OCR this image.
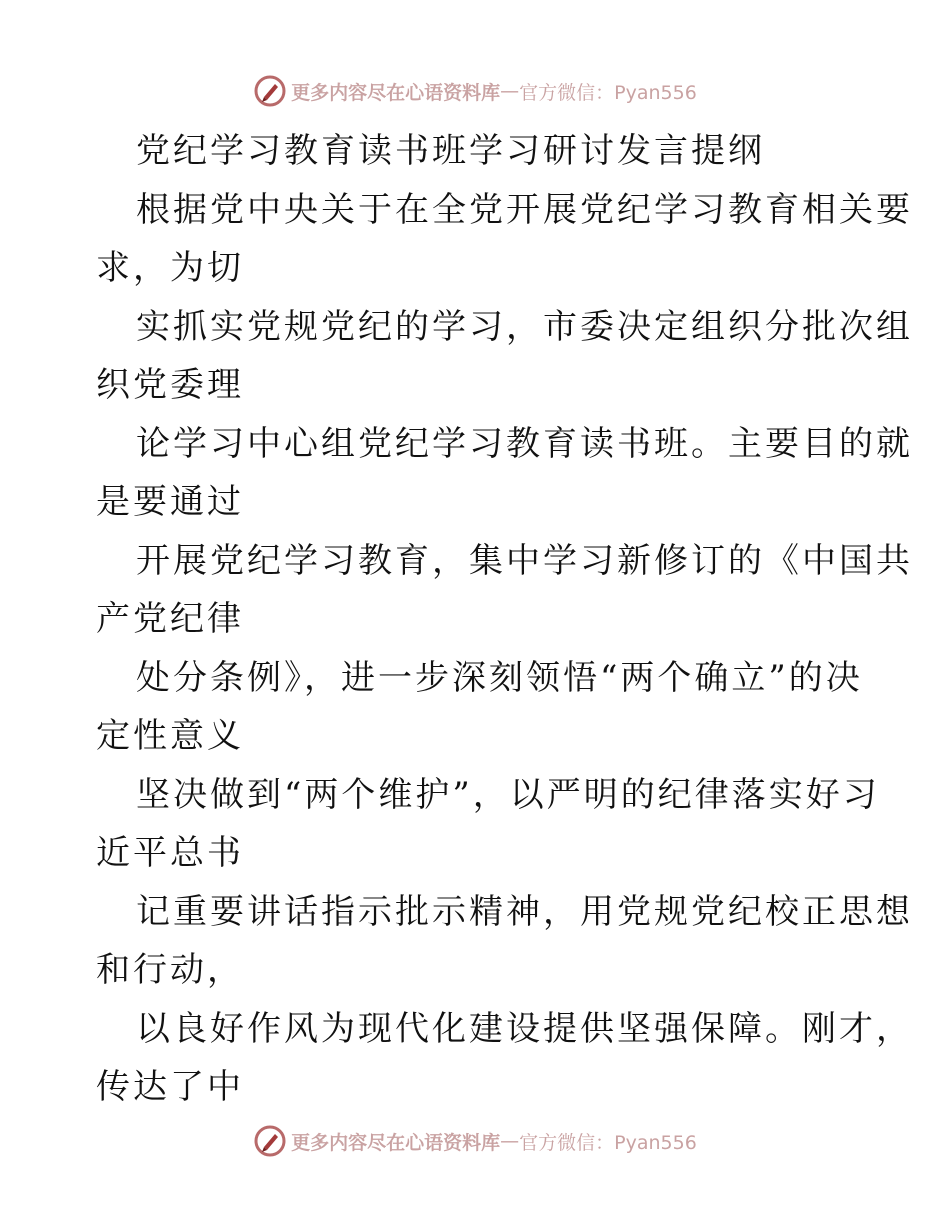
更多内容尽在心语资料库 — 官方微信：Pyan556

党纪学习教育读书班学习研讨发言提纲

根据党中央关于在全党开展党纪学习教育相关要

求，为切

实抓实党规党纪的学习，市委决定组织分批次组

织党委理

论学习中心组党纪学习教育读书班。主要目的就

是要通过

开展党纪学习教育，集中学习新修订的《中国共

产党纪律

处分条例》，进一步深刻领悟“两个确立”的决

定性意义

坚决做到“两个维护”，以严明的纪律落实好习

近平总书

记重要讲话指示批示精神，用党规党纪校正思想

和行动，

以良好作风为现代化建设提供坚强保障。刚才，

传达了中

更多内容尽在心语资料库 — 官方微信：Pyan556
